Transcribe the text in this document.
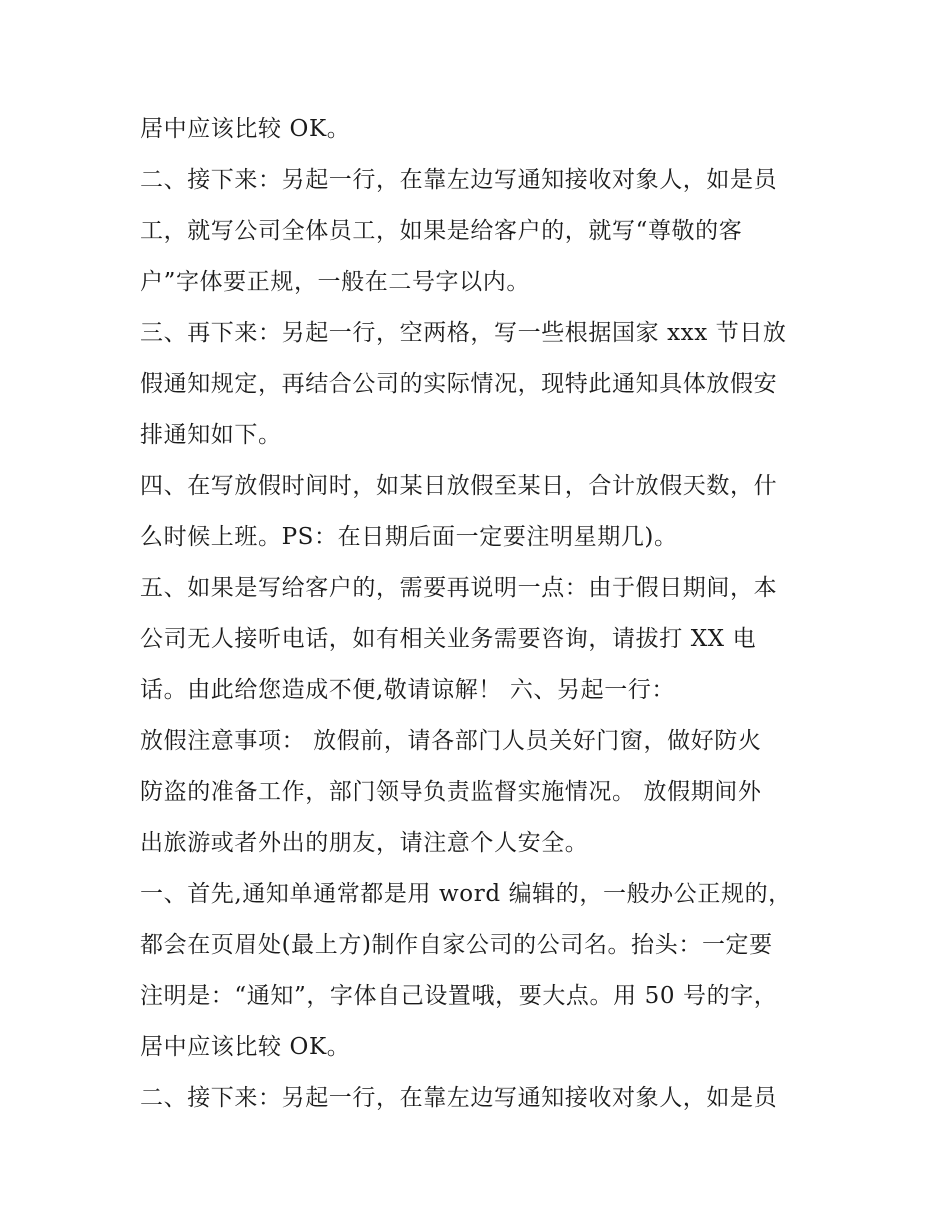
居中应该比较 OK。
二、接下来：另起一行，在靠左边写通知接收对象人，如是员
工，就写公司全体员工，如果是给客户的，就写“尊敬的客
户”字体要正规，一般在二号字以内。
三、再下来：另起一行，空两格，写一些根据国家 xxx 节日放
假通知规定，再结合公司的实际情况，现特此通知具体放假安
排通知如下。
四、在写放假时间时，如某日放假至某日，合计放假天数，什
么时候上班。PS：在日期后面一定要注明星期几)。
五、如果是写给客户的，需要再说明一点：由于假日期间，本
公司无人接听电话，如有相关业务需要咨询，请拔打 XX 电
话。由此给您造成不便,敬请谅解！ 六、另起一行：
放假注意事项： 放假前，请各部门人员关好门窗，做好防火
防盗的准备工作，部门领导负责监督实施情况。 放假期间外
出旅游或者外出的朋友，请注意个人安全。
一、首先,通知单通常都是用 word 编辑的，一般办公正规的，
都会在页眉处(最上方)制作自家公司的公司名。抬头：一定要
注明是：“通知”，字体自己设置哦，要大点。用 50 号的字，
居中应该比较 OK。
二、接下来：另起一行，在靠左边写通知接收对象人，如是员
